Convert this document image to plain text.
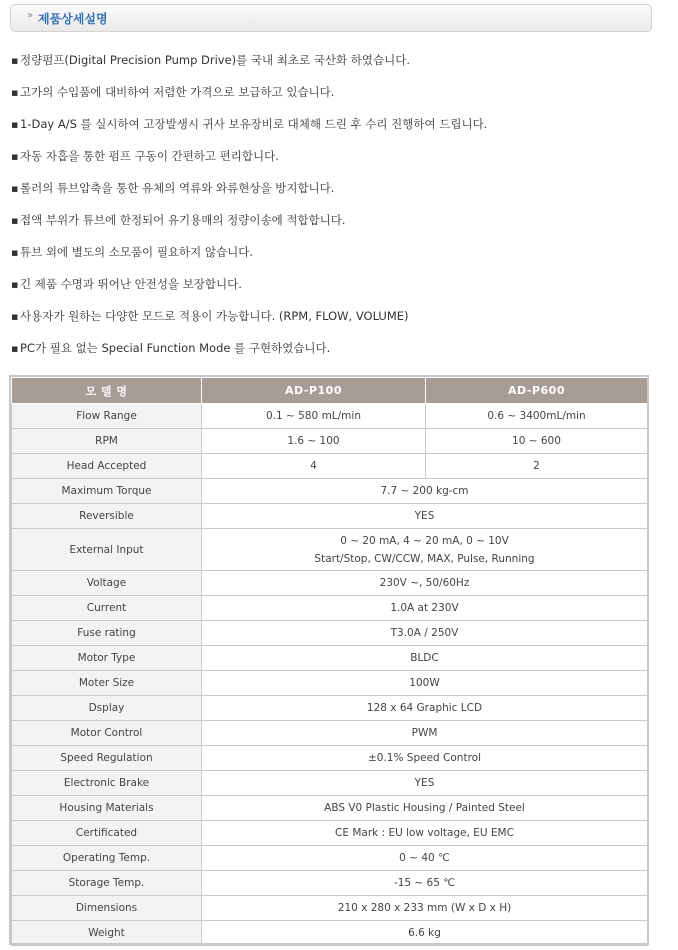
» 제품상세설명
▪ 정량펌프(Digital Precision Pump Drive)를 국내 최초로 국산화 하였습니다.
▪ 고가의 수입품에 대비하여 저렴한 가격으로 보급하고 있습니다.
▪ 1-Day A/S 를 실시하여 고장발생시 귀사 보유장비로 대체해 드린 후 수리 진행하여 드립니다.
▪ 자동 자흡을 통한 펌프 구동이 간편하고 편리합니다.
▪ 롤러의 튜브압축을 통한 유체의 역류와 와류현상을 방지합니다.
▪ 접액 부위가 튜브에 한정되어 유기용매의 정량이송에 적합합니다.
▪ 튜브 외에 별도의 소모품이 필요하지 않습니다.
▪ 긴 제품 수명과 뛰어난 안전성을 보장합니다.
▪ 사용자가 원하는 다양한 모드로 적용이 가능합니다. (RPM, FLOW, VOLUME)
▪ PC가 필요 없는 Special Function Mode 를 구현하였습니다.
모 델 명	AD-P100	AD-P600
Flow Range	0.1 ~ 580 mL/min	0.6 ~ 3400mL/min
RPM	1.6 ~ 100	10 ~ 600
Head Accepted	4	2
Maximum Torque	7.7 ~ 200 kg-cm	
Reversible	YES	
External Input	0 ~ 20 mA, 4 ~ 20 mA, 0 ~ 10V
Start/Stop, CW/CCW, MAX, Pulse, Running	

Voltage	230V ~, 50/60Hz	
Current	1.0A at 230V	
Fuse rating	T3.0A / 250V	
Motor Type	BLDC	
Moter Size	100W	
Dsplay	128 x 64 Graphic LCD	
Motor Control	PWM	
Speed Regulation	±0.1% Speed Control	
Electronic Brake	YES	
Housing Materials	ABS V0 Plastic Housing / Painted Steel	
Certificated	CE Mark : EU low voltage, EU EMC	
Operating Temp.	0 ~ 40 ℃	
Storage Temp.	-15 ~ 65 ℃	
Dimensions	210 x 280 x 233 mm (W x D x H)	
Weight	6.6 kg	
